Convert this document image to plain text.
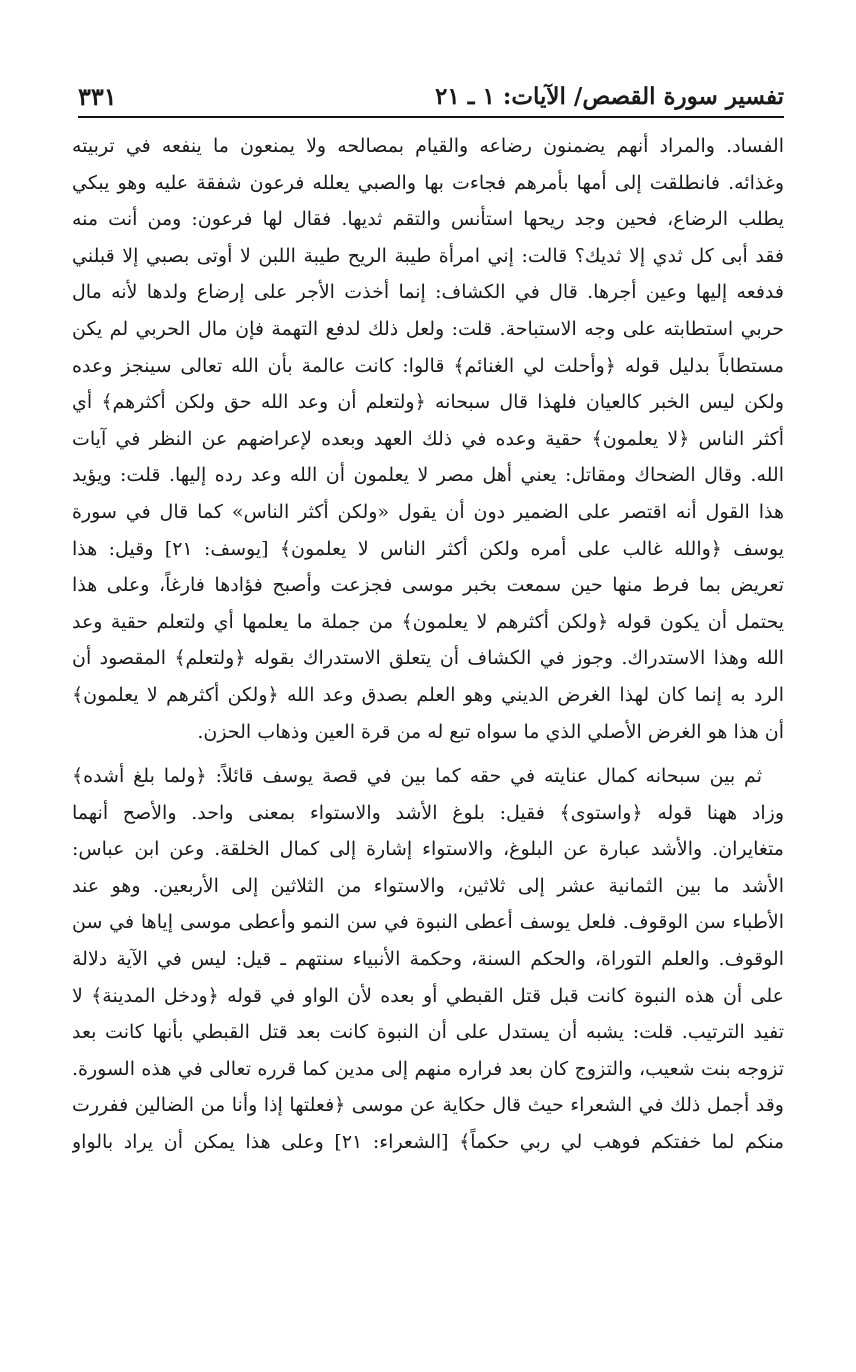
تفسير سورة القصص/ الآيات: ١ ـ ٢١
٣٣١
الفساد. والمراد أنهم يضمنون رضاعه والقيام بمصالحه ولا يمنعون ما ينفعه في تربيته
وغذائه. فانطلقت إلى أمها بأمرهم فجاءت بها والصبي يعلله فرعون شفقة عليه وهو يبكي
يطلب الرضاع، فحين وجد ريحها استأنس والتقم ثديها. فقال لها فرعون: ومن أنت منه
فقد أبى كل ثدي إلا ثديك؟ قالت: إني امرأة طيبة الريح طيبة اللبن لا أوتى بصبي إلا قبلني
فدفعه إليها وعين أجرها. قال في الكشاف: إنما أخذت الأجر على إرضاع ولدها لأنه مال
حربي استطابته على وجه الاستباحة. قلت: ولعل ذلك لدفع التهمة فإن مال الحربي لم يكن
مستطاباً بدليل قوله ﴿وأحلت لي الغنائم﴾ قالوا: كانت عالمة بأن الله تعالى سينجز وعده
ولكن ليس الخبر كالعيان فلهذا قال سبحانه ﴿ولتعلم أن وعد الله حق ولكن أكثرهم﴾ أي
أكثر الناس ﴿لا يعلمون﴾ حقية وعده في ذلك العهد وبعده لإعراضهم عن النظر في آيات
الله. وقال الضحاك ومقاتل: يعني أهل مصر لا يعلمون أن الله وعد رده إليها. قلت: ويؤيد
هذا القول أنه اقتصر على الضمير دون أن يقول «ولكن أكثر الناس» كما قال في سورة
يوسف ﴿والله غالب على أمره ولكن أكثر الناس لا يعلمون﴾ [يوسف: ٢١] وقيل: هذا
تعريض بما فرط منها حين سمعت بخبر موسى فجزعت وأصبح فؤادها فارغاً، وعلى هذا
يحتمل أن يكون قوله ﴿ولكن أكثرهم لا يعلمون﴾ من جملة ما يعلمها أي ولتعلم حقية وعد
الله وهذا الاستدراك. وجوز في الكشاف أن يتعلق الاستدراك بقوله ﴿ولتعلم﴾ المقصود أن
الرد به إنما كان لهذا الغرض الديني وهو العلم بصدق وعد الله ﴿ولكن أكثرهم لا يعلمون﴾
أن هذا هو الغرض الأصلي الذي ما سواه تبع له من قرة العين وذهاب الحزن.
ثم بين سبحانه كمال عنايته في حقه كما بين في قصة يوسف قائلاً: ﴿ولما بلغ أشده﴾
وزاد ههنا قوله ﴿واستوى﴾ فقيل: بلوغ الأشد والاستواء بمعنى واحد. والأصح أنهما
متغايران. والأشد عبارة عن البلوغ، والاستواء إشارة إلى كمال الخلقة. وعن ابن عباس:
الأشد ما بين الثمانية عشر إلى ثلاثين، والاستواء من الثلاثين إلى الأربعين. وهو عند
الأطباء سن الوقوف. فلعل يوسف أعطى النبوة في سن النمو وأعطى موسى إياها في سن
الوقوف. والعلم التوراة، والحكم السنة، وحكمة الأنبياء سنتهم ـ قيل: ليس في الآية دلالة
على أن هذه النبوة كانت قبل قتل القبطي أو بعده لأن الواو في قوله ﴿ودخل المدينة﴾ لا
تفيد الترتيب. قلت: يشبه أن يستدل على أن النبوة كانت بعد قتل القبطي بأنها كانت بعد
تزوجه بنت شعيب، والتزوج كان بعد فراره منهم إلى مدين كما قرره تعالى في هذه السورة.
وقد أجمل ذلك في الشعراء حيث قال حكاية عن موسى ﴿فعلتها إذا وأنا من الضالين ففررت
منكم لما خفتكم فوهب لي ربي حكماً﴾ [الشعراء: ٢١] وعلى هذا يمكن أن يراد بالواو
